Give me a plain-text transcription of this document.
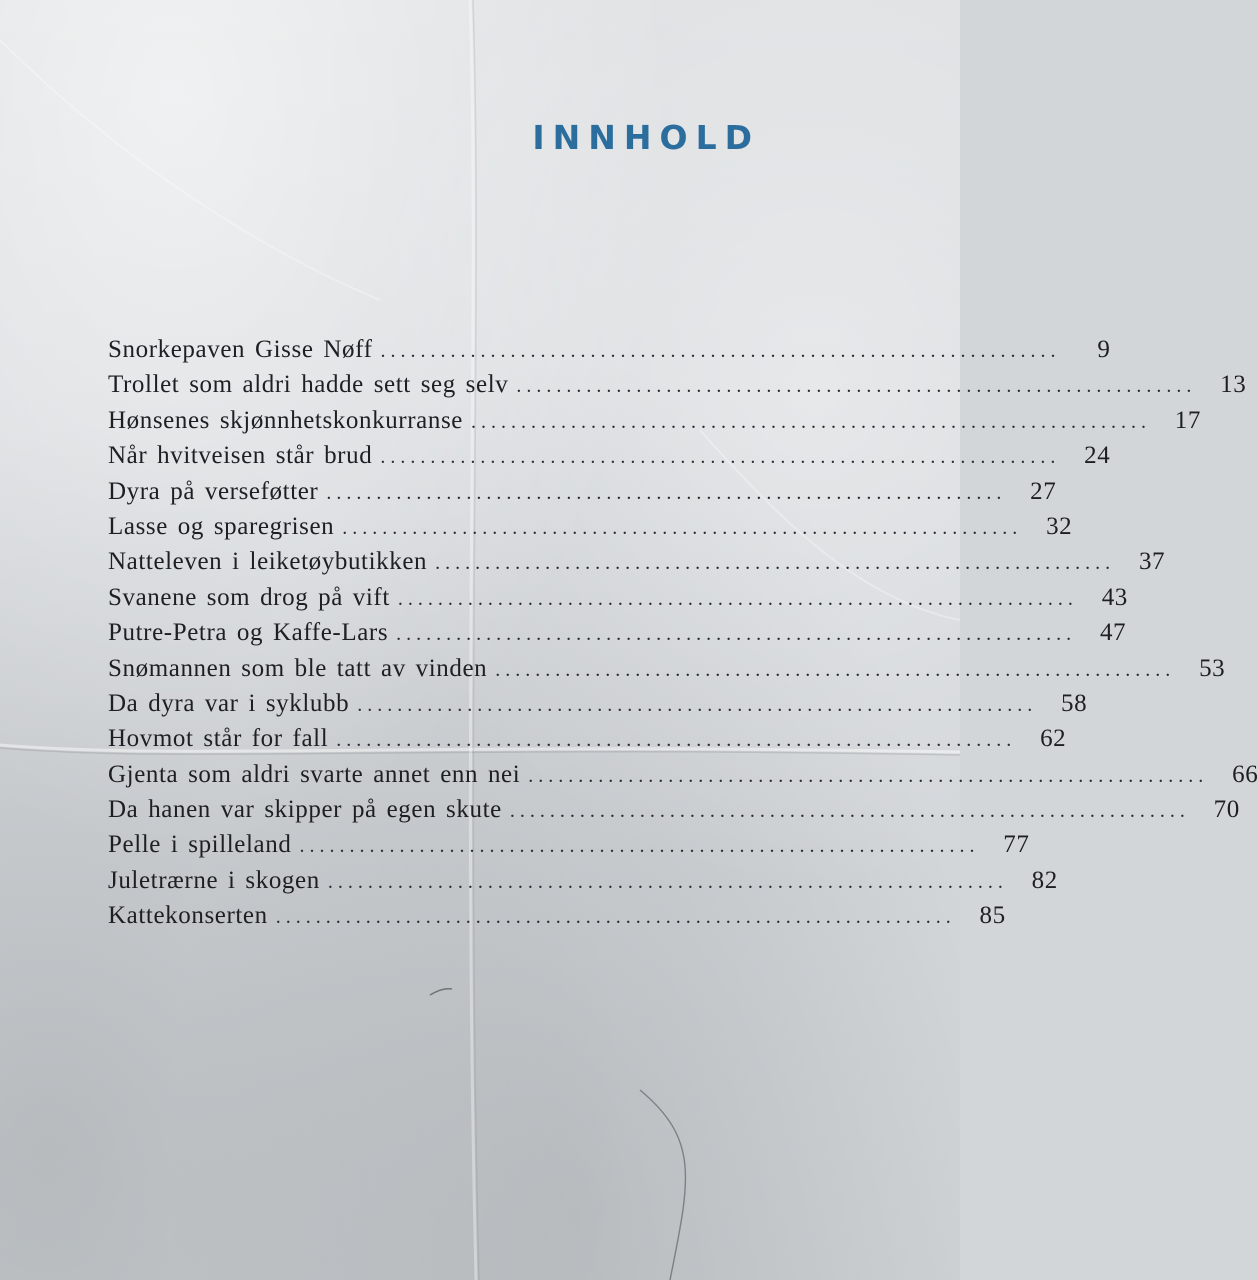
INNHOLD
Snorkepaven Gisse Nøff ....................................................................	9
Trollet som aldri hadde sett seg selv .................................................................... 13
Hønsenes skjønnhetskonkurranse .................................................................... 17
Når hvitveisen står brud .................................................................... 24
Dyra på verseføtter .................................................................... 27
Lasse og sparegrisen .................................................................... 32
Natteleven i leiketøybutikken .................................................................... 37
Svanene som drog på vift .................................................................... 43
Putre-Petra og Kaffe-Lars .................................................................... 47
Snømannen som ble tatt av vinden .................................................................... 53
Da dyra var i syklubb .................................................................... 58
Hovmot står for fall .................................................................... 62
Gjenta som aldri svarte annet enn nei .................................................................... 66
Da hanen var skipper på egen skute .................................................................... 70
Pelle i spilleland .................................................................... 77
Juletrærne i skogen .................................................................... 82
Kattekonserten .................................................................... 85
